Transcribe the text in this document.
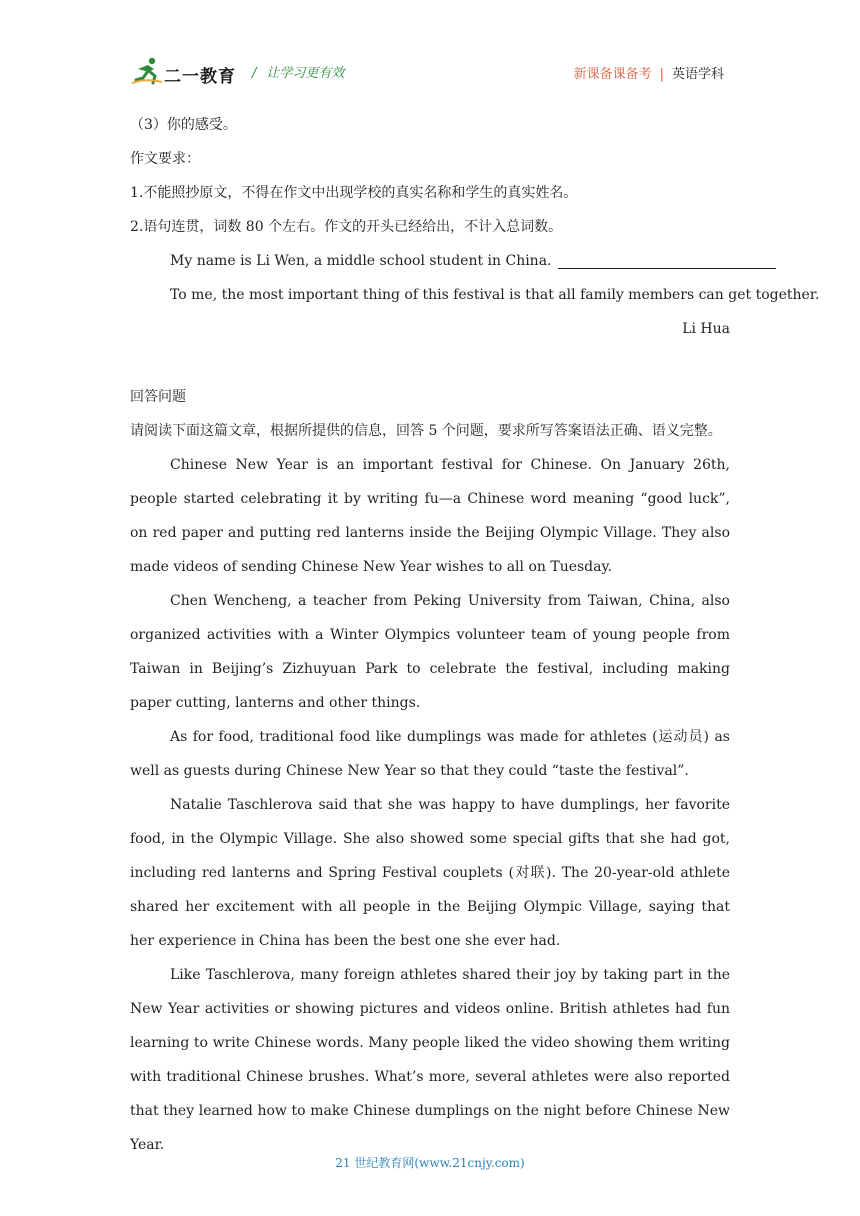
二一教育 / 让学习更有效	新课备课备考 | 英语学科
（3）你的感受。
作文要求：
1.不能照抄原文，不得在作文中出现学校的真实名称和学生的真实姓名。
2.语句连贯，词数 80 个左右。作文的开头已经给出，不计入总词数。
My name is Li Wen, a middle school student in China.
To me, the most important thing of this festival is that all family members can get together.
Li Hua
回答问题

请阅读下面这篇文章，根据所提供的信息，回答 5 个问题，要求所写答案语法正确、语义完整。

Chinese New Year is an important festival for Chinese. On January 26th, people started celebrating it by writing fu—a Chinese word meaning “good luck”, on red paper and putting red lanterns inside the Beijing Olympic Village. They also made videos of sending Chinese New Year wishes to all on Tuesday.

Chen Wencheng, a teacher from Peking University from Taiwan, China, also organized activities with a Winter Olympics volunteer team of young people from Taiwan in Beijing’s Zizhuyuan Park to celebrate the festival, including making paper cutting, lanterns and other things.

As for food, traditional food like dumplings was made for athletes (运动员) as well as guests during Chinese New Year so that they could “taste the festival”.

Natalie Taschlerova said that she was happy to have dumplings, her favorite food, in the Olympic Village. She also showed some special gifts that she had got, including red lanterns and Spring Festival couplets (对联). The 20-year-old athlete shared her excitement with all people in the Beijing Olympic Village, saying that her experience in China has been the best one she ever had.

Like Taschlerova, many foreign athletes shared their joy by taking part in the New Year activities or showing pictures and videos online. British athletes had fun learning to write Chinese words. Many people liked the video showing them writing with traditional Chinese brushes. What’s more, several athletes were also reported that they learned how to make Chinese dumplings on the night before Chinese New Year.

21 世纪教育网(www.21cnjy.com)
